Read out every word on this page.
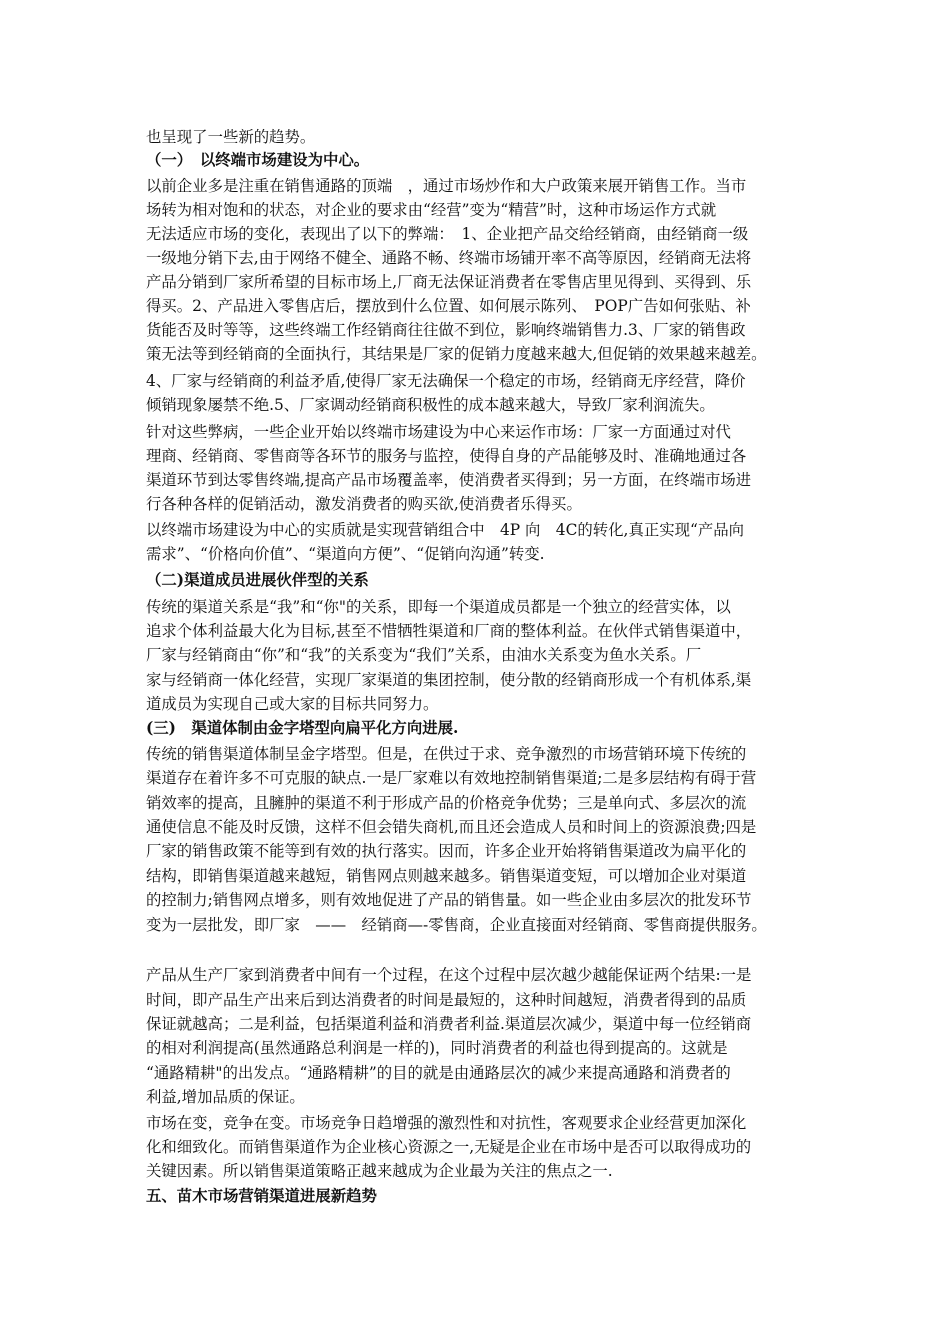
也呈现了一些新的趋势。
（一）　以终端市场建设为中心。
以前企业多是注重在销售通路的顶端　，通过市场炒作和大户政策来展开销售工作。当市
场转为相对饱和的状态，对企业的要求由“经营”变为“精营”时，这种市场运作方式就
无法适应市场的变化，表现出了以下的弊端：　1、企业把产品交给经销商，由经销商一级
一级地分销下去,由于网络不健全、通路不畅、终端市场铺开率不高等原因，经销商无法将
产品分销到厂家所希望的目标市场上,厂商无法保证消费者在零售店里见得到、买得到、乐
得买。2、产品进入零售店后，摆放到什么位置、如何展示陈列、　POP广告如何张贴、补
货能否及时等等，这些终端工作经销商往往做不到位，影响终端销售力.3、厂家的销售政
策无法等到经销商的全面执行，其结果是厂家的促销力度越来越大,但促销的效果越来越差。
4、厂家与经销商的利益矛盾,使得厂家无法确保一个稳定的市场，经销商无序经营，降价
倾销现象屡禁不绝.5、厂家调动经销商积极性的成本越来越大，导致厂家利润流失。
针对这些弊病，一些企业开始以终端市场建设为中心来运作市场：厂家一方面通过对代
理商、经销商、零售商等各环节的服务与监控，使得自身的产品能够及时、准确地通过各
渠道环节到达零售终端,提高产品市场覆盖率，使消费者买得到；另一方面，在终端市场进
行各种各样的促销活动，激发消费者的购买欲,使消费者乐得买。
以终端市场建设为中心的实质就是实现营销组合中　4P 向　4C的转化,真正实现“产品向
需求”、“价格向价值”、“渠道向方便”、“促销向沟通”转变.
（二)渠道成员进展伙伴型的关系
传统的渠道关系是“我”和“你"的关系，即每一个渠道成员都是一个独立的经营实体，以
追求个体利益最大化为目标,甚至不惜牺牲渠道和厂商的整体利益。在伙伴式销售渠道中，
厂家与经销商由“你”和“我”的关系变为“我们”关系，由油水关系变为鱼水关系。厂
家与经销商一体化经营，实现厂家渠道的集团控制，使分散的经销商形成一个有机体系,渠
道成员为实现自己或大家的目标共同努力。
(三)　渠道体制由金字塔型向扁平化方向进展.
传统的销售渠道体制呈金字塔型。但是，在供过于求、竞争激烈的市场营销环境下传统的
渠道存在着许多不可克服的缺点.一是厂家难以有效地控制销售渠道;二是多层结构有碍于营
销效率的提高，且臃肿的渠道不利于形成产品的价格竞争优势；三是单向式、多层次的流
通使信息不能及时反馈，这样不但会错失商机,而且还会造成人员和时间上的资源浪费;四是
厂家的销售政策不能等到有效的执行落实。因而，许多企业开始将销售渠道改为扁平化的
结构，即销售渠道越来越短，销售网点则越来越多。销售渠道变短，可以增加企业对渠道
的控制力;销售网点增多，则有效地促进了产品的销售量。如一些企业由多层次的批发环节
变为一层批发，即厂家　——　经销商—-零售商，企业直接面对经销商、零售商提供服务。
产品从生产厂家到消费者中间有一个过程，在这个过程中层次越少越能保证两个结果:一是
时间，即产品生产出来后到达消费者的时间是最短的，这种时间越短，消费者得到的品质
保证就越高；二是利益，包括渠道利益和消费者利益.渠道层次减少，渠道中每一位经销商
的相对利润提高(虽然通路总利润是一样的)，同时消费者的利益也得到提高的。这就是
“通路精耕"的出发点。“通路精耕”的目的就是由通路层次的减少来提高通路和消费者的
利益,增加品质的保证。
市场在变，竞争在变。市场竞争日趋增强的激烈性和对抗性，客观要求企业经营更加深化
化和细致化。而销售渠道作为企业核心资源之一,无疑是企业在市场中是否可以取得成功的
关键因素。所以销售渠道策略正越来越成为企业最为关注的焦点之一.
五、苗木市场营销渠道进展新趋势
